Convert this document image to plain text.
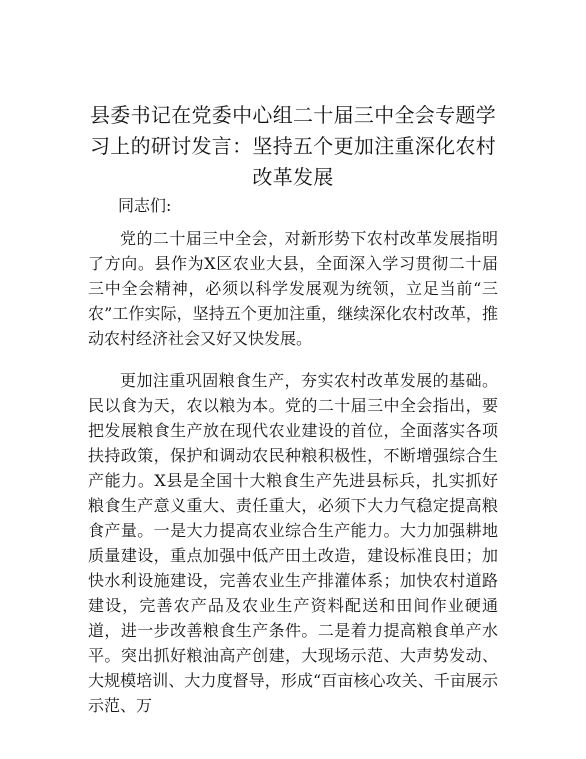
县委书记在党委中心组二十届三中全会专题学习上的研讨发言：坚持五个更加注重深化农村改革发展

同志们:

党的二十届三中全会，对新形势下农村改革发展指明了方向。县作为X区农业大县，全面深入学习贯彻二十届三中全会精神，必须以科学发展观为统领，立足当前“三农”工作实际，坚持五个更加注重，继续深化农村改革，推动农村经济社会又好又快发展。

更加注重巩固粮食生产，夯实农村改革发展的基础。民以食为天，农以粮为本。党的二十届三中全会指出，要把发展粮食生产放在现代农业建设的首位，全面落实各项扶持政策，保护和调动农民种粮积极性，不断增强综合生产能力。X县是全国十大粮食生产先进县标兵，扎实抓好粮食生产意义重大、责任重大，必须下大力气稳定提高粮食产量。一是大力提高农业综合生产能力。大力加强耕地质量建设，重点加强中低产田土改造，建设标准良田；加快水利设施建设，完善农业生产排灌体系；加快农村道路建设，完善农产品及农业生产资料配送和田间作业硬通道，进一步改善粮食生产条件。二是着力提高粮食单产水平。突出抓好粮油高产创建，大现场示范、大声势发动、大规模培训、大力度督导，形成“百亩核心攻关、千亩展示示范、万
